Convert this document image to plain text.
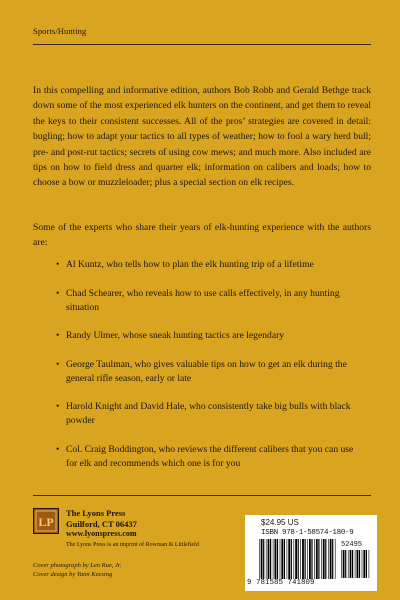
Sports/Hunting

In this compelling and informative edition, authors Bob Robb and Gerald Bethge track down some of the most experienced elk hunters on the continent, and get them to reveal the keys to their consistent successes. All of the pros’ strategies are covered in detail: bugling; how to adapt your tactics to all types of weather; how to fool a wary herd bull; pre- and post-rut tactics; secrets of using cow mews; and much more. Also included are tips on how to field dress and quarter elk; information on calibers and loads; how to choose a bow or muzzleloader; plus a special section on elk recipes.

Some of the experts who share their years of elk-hunting experience with the authors are:

• Al Kuntz, who tells how to plan the elk hunting trip of a lifetime
• Chad Schearer, who reveals how to use calls effectively, in any hunting situation
• Randy Ulmer, whose sneak hunting tactics are legendary
• George Taulman, who gives valuable tips on how to get an elk during the general rifle season, early or late
• Harold Knight and David Hale, who consistently take big bulls with black powder
• Col. Craig Boddington, who reviews the different calibers that you can use for elk and recommends which one is for you
LP
The Lyons Press
Guilford, CT 06437
www.lyonspress.com
The Lyons Press is an imprint of Rowman & Littlefield
Cover photograph by Len Rue, Jr.
Cover design by Yann Keesing
$24.95 US
ISBN 978-1-58574-180-9
52495
9 781585 741809
